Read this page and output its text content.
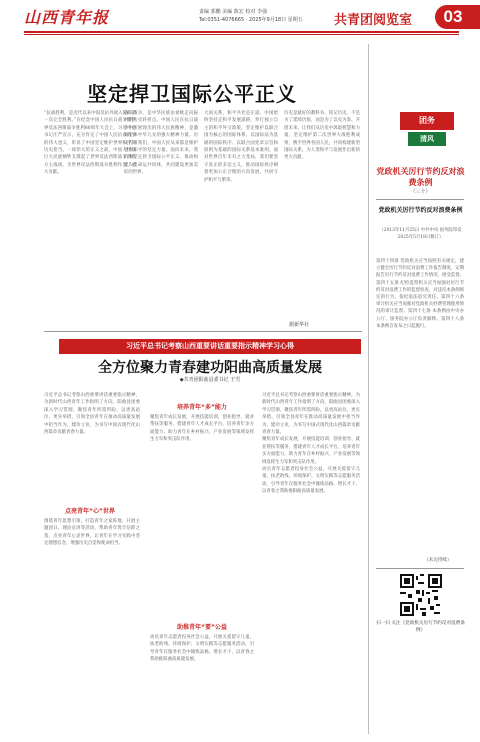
山西青年报	责编 郭鹏 美编 陈宏 校对 李强
Tel:0351-4076665 · 2025年9月18日 星期五 共青团阅览室	03
坚定捍卫国际公平正义
“抗战胜利，是近代以来中国反抗外敌入侵的第一次完全胜利。”在纪念中国人民抗日战争暨世界反法西斯战争胜利80周年大会上，习近平总书记庄严宣示，充分肯定了中国人民抗日战争的伟大意义，彰显了中国坚定维护世界和平的历史担当。一场伟大的正义之战，中国人民以巨大民族牺牲支撑起了世界反法西斯战争的东方主战场，为世界反法西斯战争胜利作出了重大贡献。
抗日战争，是中华民族由衰败走向振兴的历史转折点。中国人民在抗日战争中所展现出的伟大民族精神，是激励全体中华儿女的强大精神力量。历史告诉我们，中国人民从来都是维护世界和平的坚定力量。面向未来，我们要坚定捍卫国际公平正义，推动构建人类命运共同体，共同建设更加美好的世界。
大国关系，和平共处是正道。中国始终坚持走和平发展道路，奉行独立自主的和平外交政策，坚定维护以联合国为核心的国际体系、以国际法为基础的国际秩序、以联合国宪章宗旨和原则为基础的国际关系基本准则。面对世界百年未有之大变局，我们要坚守真正的多边主义，推动国际秩序朝着更加公正合理的方向发展，共同守护和平与繁荣。
历史是最好的教科书。铭记历史，不是为了延续仇恨，而是为了以史为鉴、开创未来。让我们从历史中汲取智慧和力量，坚定维护第二次世界大战胜利成果，携手世界各国人民，共同构建新型国际关系，为人类和平与发展作出新的更大贡献。
据新华社
习近平总书记考察山西重要讲话重要指示精神学习心得
全方位聚力青春建功阳曲高质量发展
◆共青团阳曲县委书记 王雪
习近平总书记考察山西重要讲话重要指示精神，为新时代山西青年工作指明了方向。阳曲县团委深入学习贯彻，聚焦青年所需所盼，以更高站位、更实举措，引领全县青年在推动高质量发展中担当作为、建功立业，为书写中国式现代化山西篇章贡献青春力量。
点亮青年“心”世界
围绕青年思想引领，打造青年之家阵地，开展主题团日、理论宣讲等活动，帮助青年筑牢信仰之基，点亮青年心灵世界，让青年在学习实践中坚定理想信念，增强历史自觉和使命担当。
培养青年“多”能力
聚焦青年成长发展，开展技能培训、创业指导、就业帮扶等服务，搭建青年人才成长平台，培养青年多方面能力，助力青年在乡村振兴、产业发展等领域发挥生力军和突击队作用。
助推青年“要”公益
动员青年志愿者投身社会公益，开展关爱留守儿童、扶老助残、环境保护、文明实践等志愿服务活动，引导青年在服务社会中锤炼品格、增长才干，以青春之我助推阳曲高质量发展。
习近平总书记考察山西重要讲话重要指示精神，为新时代山西青年工作指明了方向。阳曲县团委深入学习贯彻，聚焦青年所需所盼，以更高站位、更实举措，引领全县青年在推动高质量发展中担当作为、建功立业，为书写中国式现代化山西篇章贡献青春力量。
聚焦青年成长发展，开展技能培训、创业指导、就业帮扶等服务，搭建青年人才成长平台，培养青年多方面能力，助力青年在乡村振兴、产业发展等领域发挥生力军和突击队作用。
动员青年志愿者投身社会公益，开展关爱留守儿童、扶老助残、环境保护、文明实践等志愿服务活动，引导青年在服务社会中锤炼品格、增长才干，以青春之我助推阳曲高质量发展。
团务
清风
党政机关厉行节约反对浪费条例
（三十）
党政机关厉行节约反对浪费条例
（2013年11月25日 中共中央 国务院印发 2025年5月18日修订）
第四十四条 党政机关应当按照有关规定，建立健全厉行节约反对浪费工作报告制度，定期报告厉行节约反对浪费工作情况，接受监督。第四十五条 纪检监察机关应当加强对厉行节约反对浪费工作的监督检查，对违反本条例规定的行为，依纪依法追究责任。第四十六条 审计机关应当加强对党政机关经费管理使用情况的审计监督。第四十七条 本条例由中央办公厅、国务院办公厅负责解释。第四十八条 本条例自发布之日起施行。
（未完待续）
扫一扫 关注《党政机关厉行节约反对浪费条例》
